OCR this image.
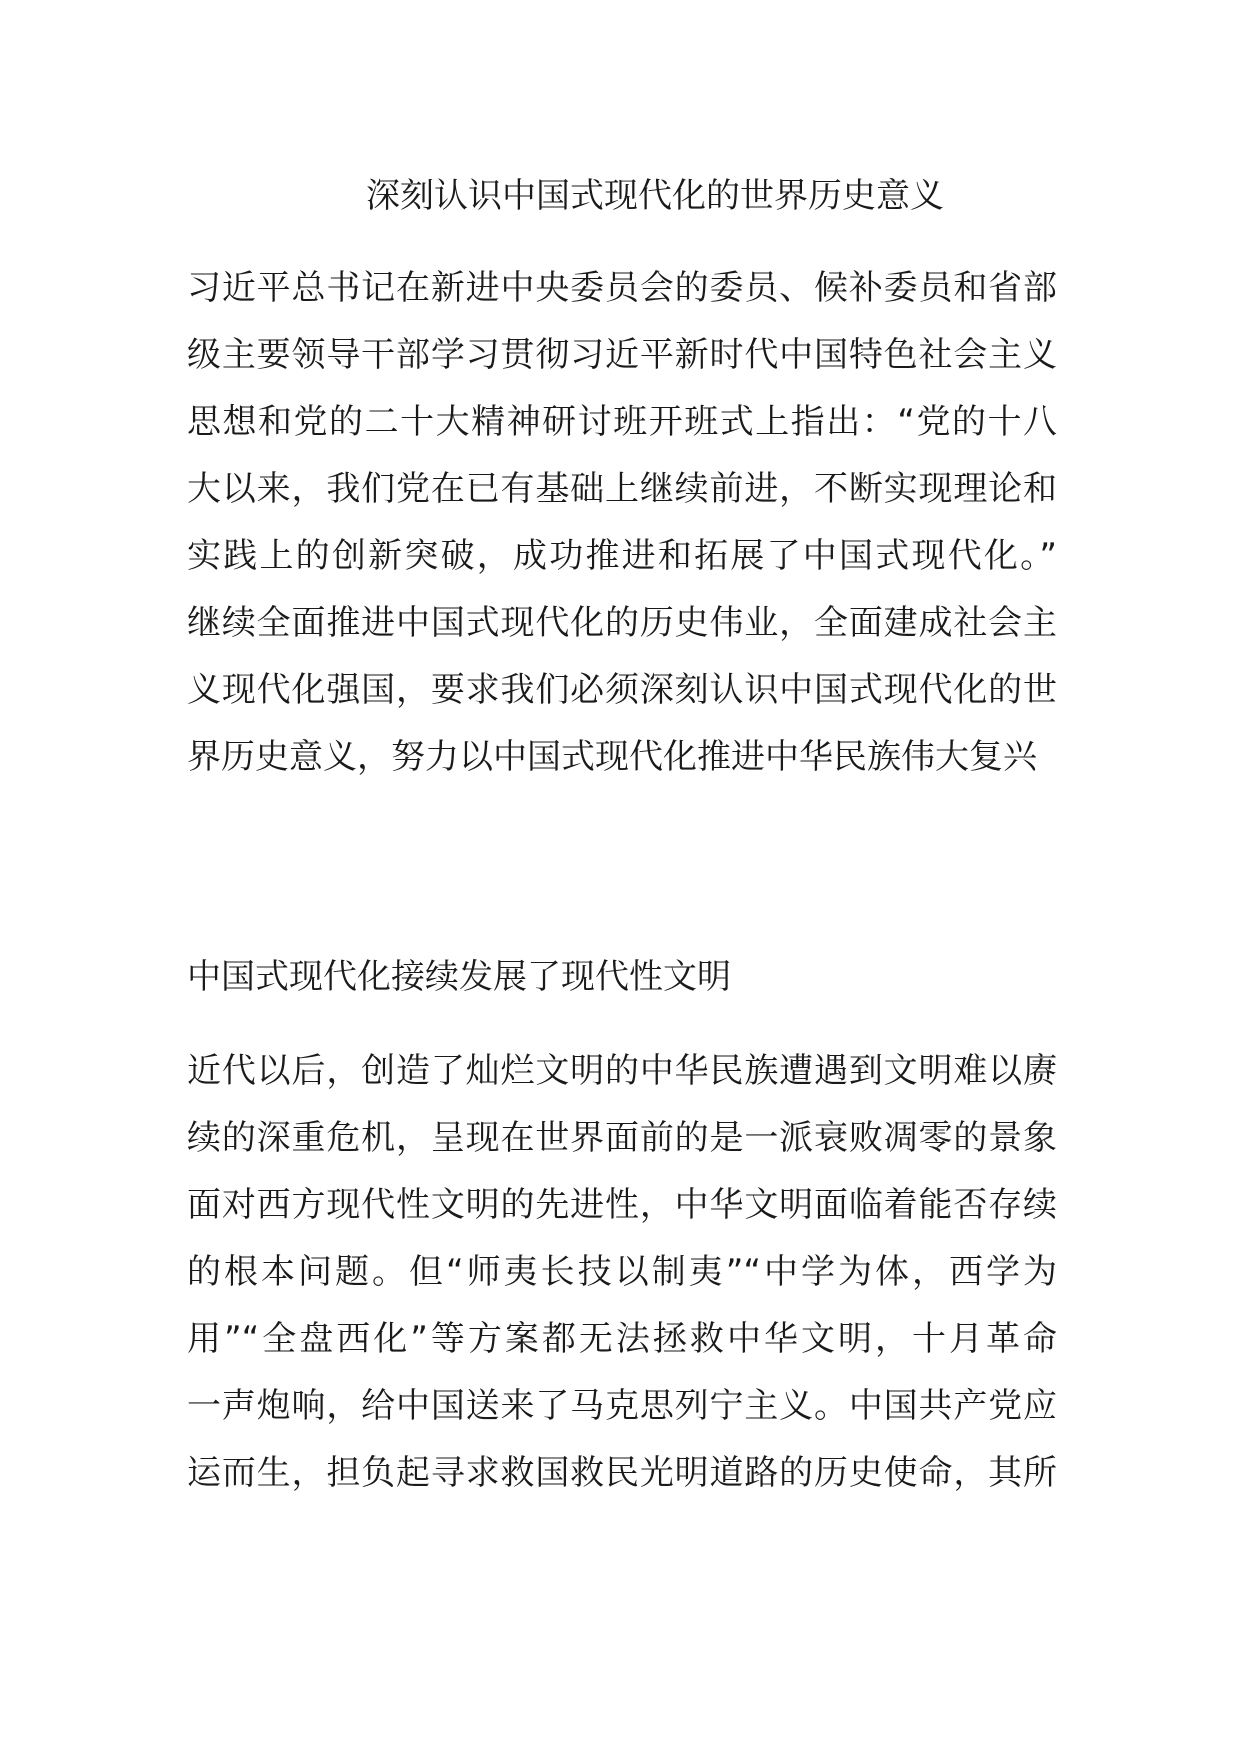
深刻认识中国式现代化的世界历史意义
习近平总书记在新进中央委员会的委员、候补委员和省部
级主要领导干部学习贯彻习近平新时代中国特色社会主义
思想和党的二十大精神研讨班开班式上指出：“党的十八
大以来，我们党在已有基础上继续前进，不断实现理论和
实践上的创新突破，成功推进和拓展了中国式现代化。”
继续全面推进中国式现代化的历史伟业，全面建成社会主
义现代化强国，要求我们必须深刻认识中国式现代化的世
界历史意义，努力以中国式现代化推进中华民族伟大复兴
中国式现代化接续发展了现代性文明
近代以后，创造了灿烂文明的中华民族遭遇到文明难以赓
续的深重危机，呈现在世界面前的是一派衰败凋零的景象
面对西方现代性文明的先进性，中华文明面临着能否存续
的根本问题。但“师夷长技以制夷”“中学为体，西学为
用”“全盘西化”等方案都无法拯救中华文明，十月革命
一声炮响，给中国送来了马克思列宁主义。中国共产党应
运而生，担负起寻求救国救民光明道路的历史使命，其所
